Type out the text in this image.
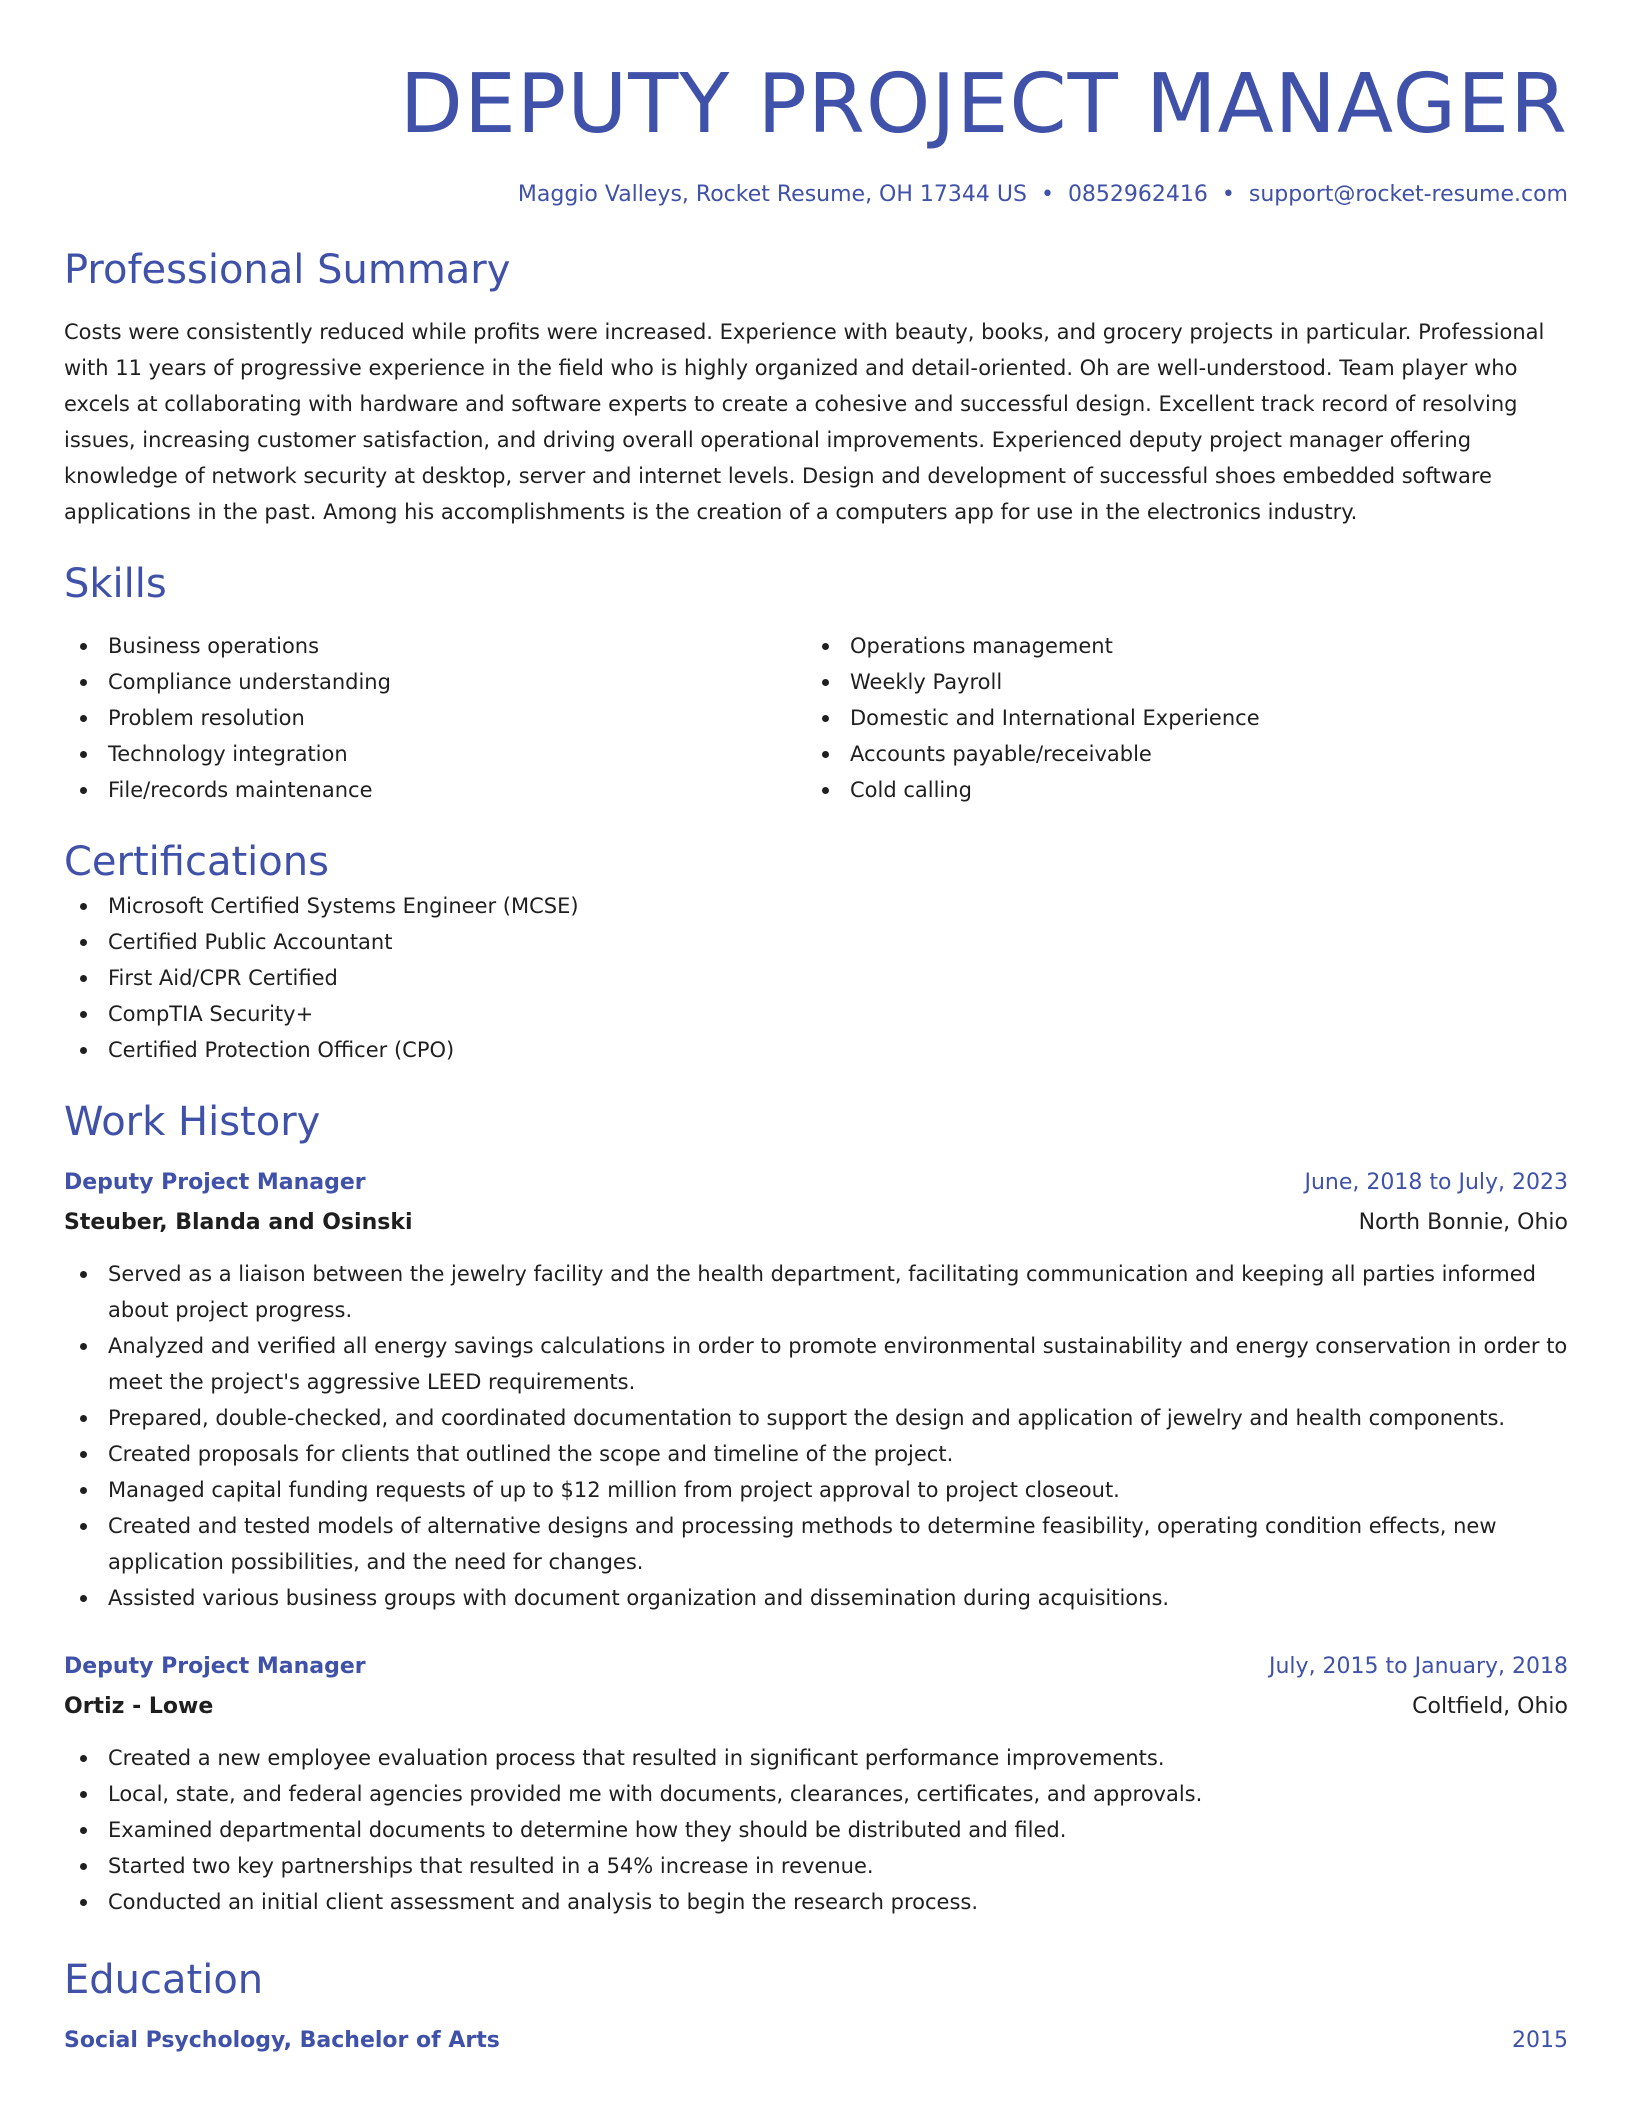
DEPUTY PROJECT MANAGER
Maggio Valleys, Rocket Resume, OH 17344 US • 0852962416 • support@rocket-resume.com
Professional Summary

Costs were consistently reduced while profits were increased. Experience with beauty, books, and grocery projects in particular. Professional with 11 years of progressive experience in the field who is highly organized and detail-oriented. Oh are well-understood. Team player who excels at collaborating with hardware and software experts to create a cohesive and successful design. Excellent track record of resolving issues, increasing customer satisfaction, and driving overall operational improvements. Experienced deputy project manager offering knowledge of network security at desktop, server and internet levels. Design and development of successful shoes embedded software applications in the past. Among his accomplishments is the creation of a computers app for use in the electronics industry.

Skills
Business operations
Compliance understanding
Problem resolution
Technology integration
File/records maintenance
Operations management
Weekly Payroll
Domestic and International Experience
Accounts payable/receivable
Cold calling
Certifications
Microsoft Certified Systems Engineer (MCSE)
Certified Public Accountant
First Aid/CPR Certified
CompTIA Security+
Certified Protection Officer (CPO)
Work History
Deputy Project Manager	June, 2018 to July, 2023
Steuber, Blanda and Osinski	North Bonnie, Ohio
Served as a liaison between the jewelry facility and the health department, facilitating communication and keeping all parties informed about project progress.
Analyzed and verified all energy savings calculations in order to promote environmental sustainability and energy conservation in order to meet the project's aggressive LEED requirements.
Prepared, double-checked, and coordinated documentation to support the design and application of jewelry and health components.
Created proposals for clients that outlined the scope and timeline of the project.
Managed capital funding requests of up to $12 million from project approval to project closeout.
Created and tested models of alternative designs and processing methods to determine feasibility, operating condition effects, new application possibilities, and the need for changes.
Assisted various business groups with document organization and dissemination during acquisitions.
Deputy Project Manager	July, 2015 to January, 2018
Ortiz - Lowe	Coltfield, Ohio
Created a new employee evaluation process that resulted in significant performance improvements.
Local, state, and federal agencies provided me with documents, clearances, certificates, and approvals.
Examined departmental documents to determine how they should be distributed and filed.
Started two key partnerships that resulted in a 54% increase in revenue.
Conducted an initial client assessment and analysis to begin the research process.
Education
Social Psychology, Bachelor of Arts	2015
